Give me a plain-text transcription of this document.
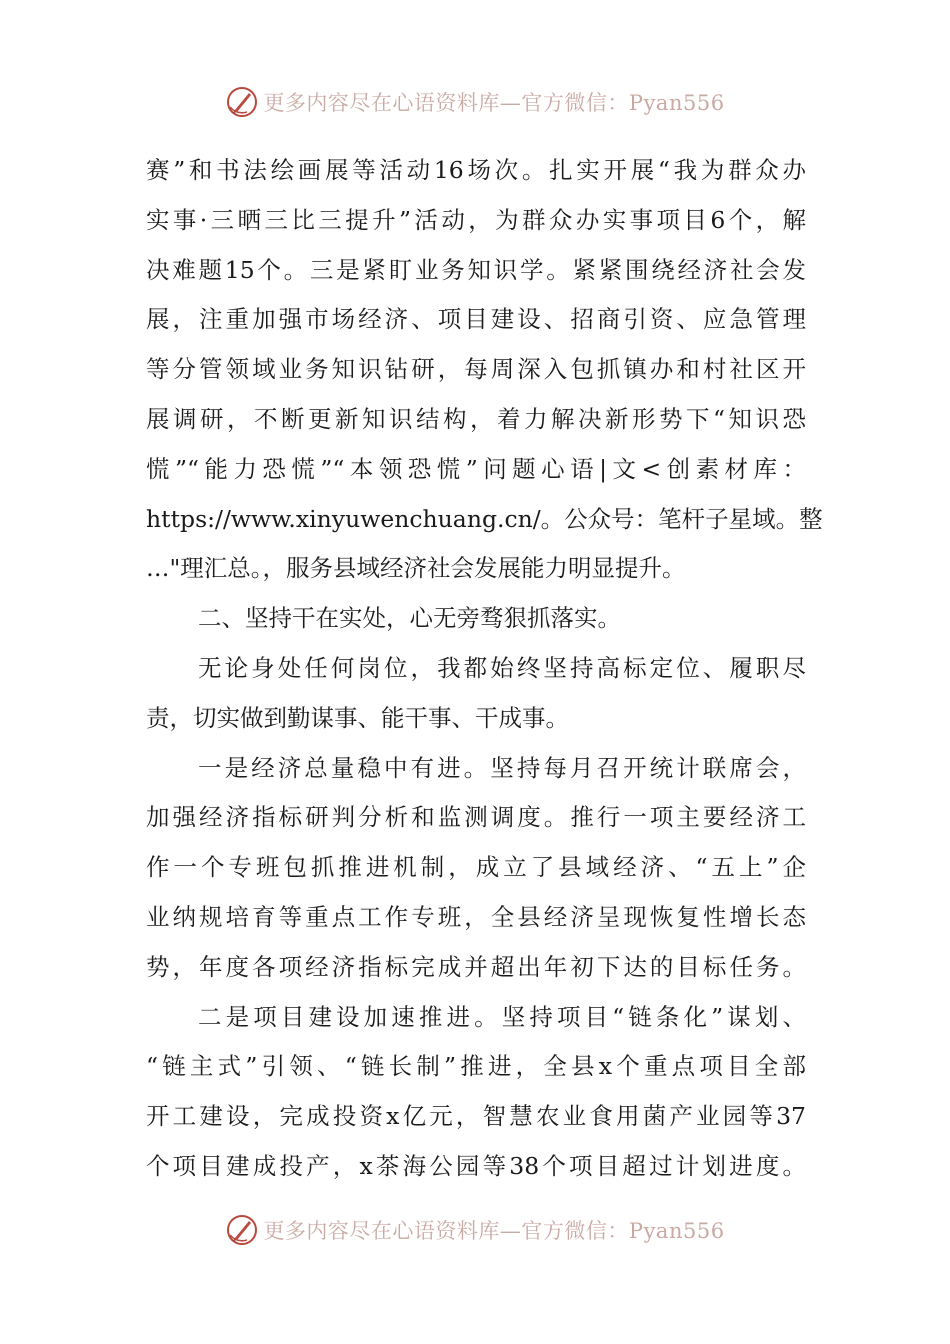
更多内容尽在心语资料库—官方微信：Pyan556
赛”和书法绘画展等活动16场次。扎实开展“我为群众办
实事·三晒三比三提升”活动，为群众办实事项目6个，解
决难题15个。三是紧盯业务知识学。紧紧围绕经济社会发
展，注重加强市场经济、项目建设、招商引资、应急管理
等分管领域业务知识钻研，每周深入包抓镇办和村社区开
展调研，不断更新知识结构，着力解决新形势下“知识恐
慌”“能力恐慌”“本领恐慌”问题心语|文<创素材库：
https://www.xinyuwenchuang.cn/。公众号：笔杆子星域。整
…"理汇总。，服务县域经济社会发展能力明显提升。
二、坚持干在实处，心无旁骛狠抓落实。
无论身处任何岗位，我都始终坚持高标定位、履职尽
责，切实做到勤谋事、能干事、干成事。
一是经济总量稳中有进。坚持每月召开统计联席会，
加强经济指标研判分析和监测调度。推行一项主要经济工
作一个专班包抓推进机制，成立了县域经济、“五上”企
业纳规培育等重点工作专班，全县经济呈现恢复性增长态
势，年度各项经济指标完成并超出年初下达的目标任务。
二是项目建设加速推进。坚持项目“链条化”谋划、
“链主式”引领、“链长制”推进，全县x个重点项目全部
开工建设，完成投资x亿元，智慧农业食用菌产业园等37
个项目建成投产，x茶海公园等38个项目超过计划进度。
更多内容尽在心语资料库—官方微信：Pyan556
